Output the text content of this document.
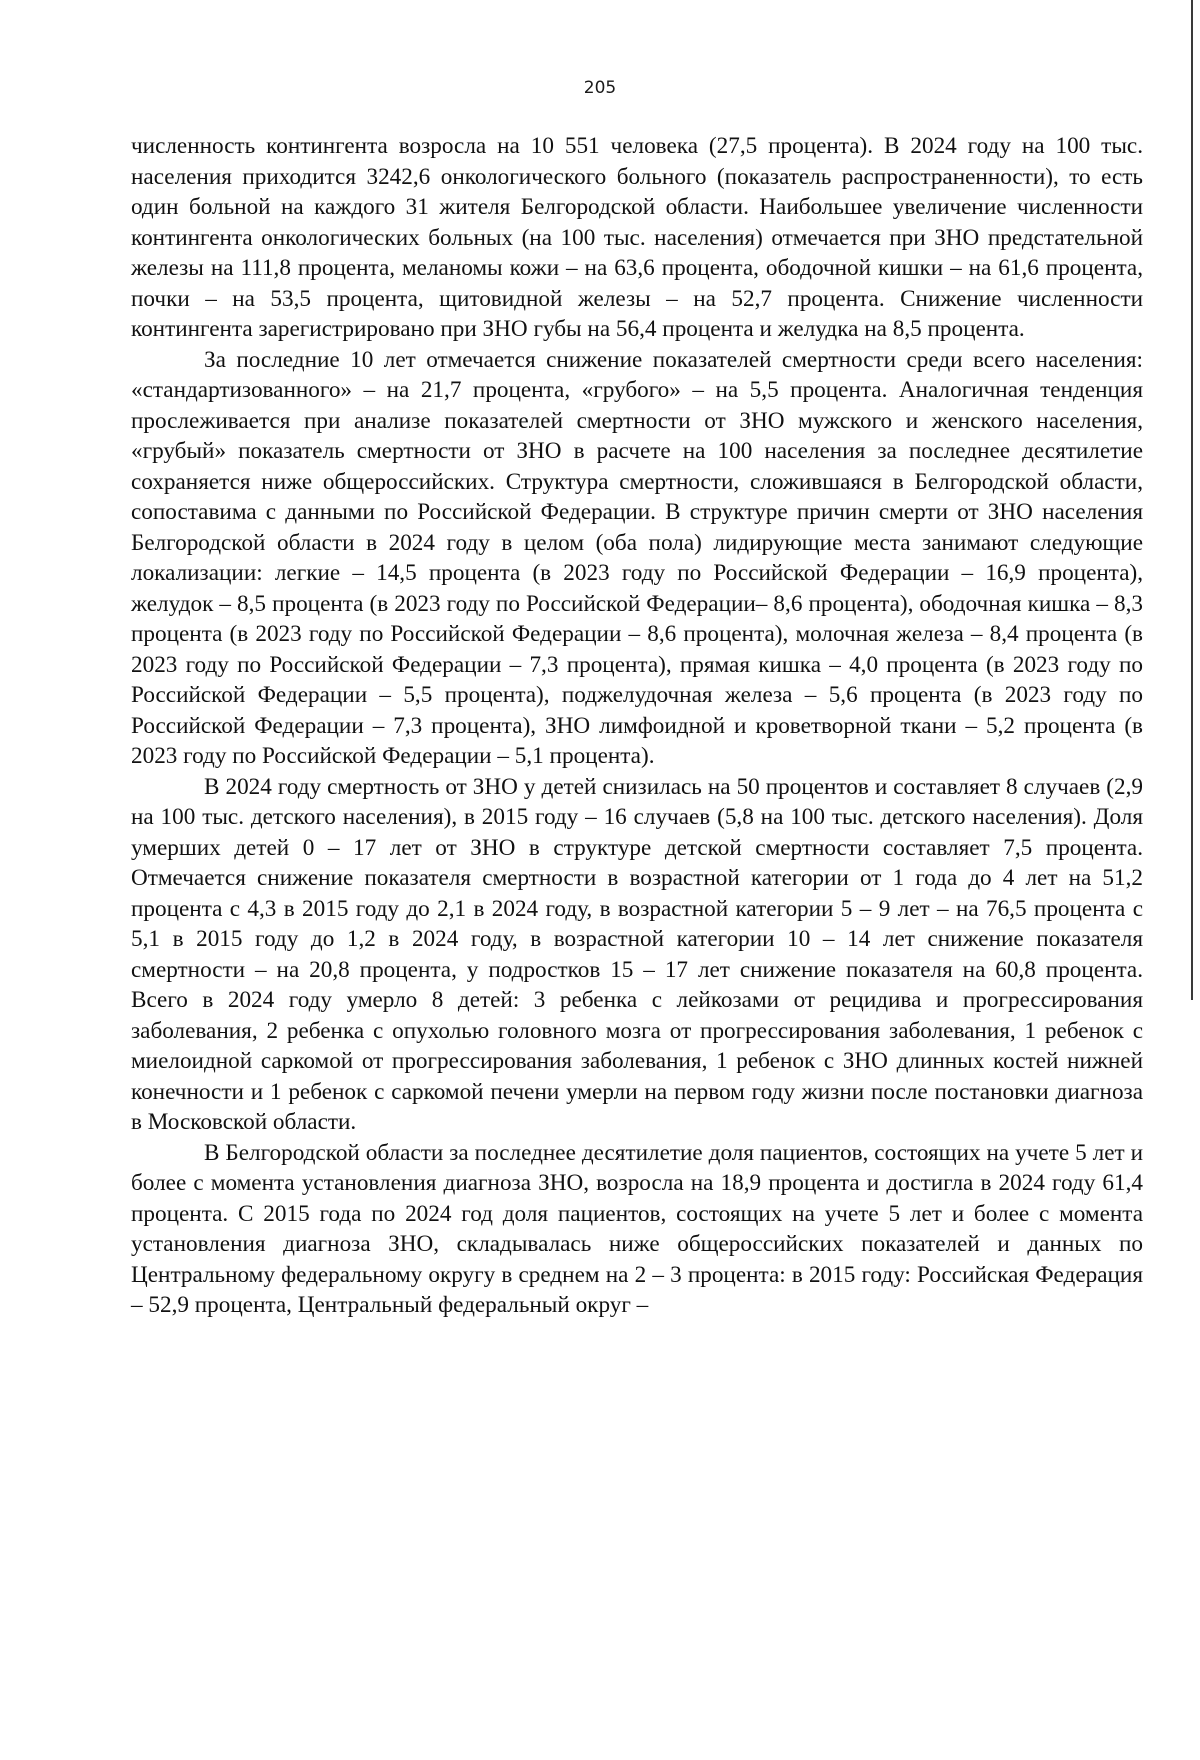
205

численность контингента возросла на 10 551 человека (27,5 процента). В 2024 году на 100 тыс. населения приходится 3242,6 онкологического больного (показатель распространенности), то есть один больной на каждого 31 жителя Белгородской области. Наибольшее увеличение численности контингента онкологических больных (на 100 тыс. населения) отмечается при ЗНО предстательной железы на 111,8 процента, меланомы кожи – на 63,6 процента, ободочной кишки – на 61,6 процента, почки – на 53,5 процента, щитовидной железы – на 52,7 процента. Снижение численности контингента зарегистрировано при ЗНО губы на 56,4 процента и желудка на 8,5 процента.

За последние 10 лет отмечается снижение показателей смертности среди всего населения: «стандартизованного» – на 21,7 процента, «грубого» – на 5,5 процента. Аналогичная тенденция прослеживается при анализе показателей смертности от ЗНО мужского и женского населения, «грубый» показатель смертности от ЗНО в расчете на 100 населения за последнее десятилетие сохраняется ниже общероссийских. Структура смертности, сложившаяся в Белгородской области, сопоставима с данными по Российской Федерации. В структуре причин смерти от ЗНО населения Белгородской области в 2024 году в целом (оба пола) лидирующие места занимают следующие локализации: легкие – 14,5 процента (в 2023 году по Российской Федерации – 16,9 процента), желудок – 8,5 процента (в 2023 году по Российской Федерации– 8,6 процента), ободочная кишка – 8,3 процента (в 2023 году по Российской Федерации – 8,6 процента), молочная железа – 8,4 процента (в 2023 году по Российской Федерации – 7,3 процента), прямая кишка – 4,0 процента (в 2023 году по Российской Федерации – 5,5 процента), поджелудочная железа – 5,6 процента (в 2023 году по Российской Федерации – 7,3 процента), ЗНО лимфоидной и кроветворной ткани – 5,2 процента (в 2023 году по Российской Федерации – 5,1 процента).

В 2024 году смертность от ЗНО у детей снизилась на 50 процентов и составляет 8 случаев (2,9 на 100 тыс. детского населения), в 2015 году – 16 случаев (5,8 на 100 тыс. детского населения). Доля умерших детей 0 – 17 лет от ЗНО в структуре детской смертности составляет 7,5 процента. Отмечается снижение показателя смертности в возрастной категории от 1 года до 4 лет на 51,2 процента с 4,3 в 2015 году до 2,1 в 2024 году, в возрастной категории 5 – 9 лет – на 76,5 процента с 5,1 в 2015 году до 1,2 в 2024 году, в возрастной категории 10 – 14 лет снижение показателя смертности – на 20,8 процента, у подростков 15 – 17 лет снижение показателя на 60,8 процента. Всего в 2024 году умерло 8 детей: 3 ребенка с лейкозами от рецидива и прогрессирования заболевания, 2 ребенка с опухолью головного мозга от прогрессирования заболевания, 1 ребенок с миелоидной саркомой от прогрессирования заболевания, 1 ребенок с ЗНО длинных костей нижней конечности и 1 ребенок с саркомой печени умерли на первом году жизни после постановки диагноза в Московской области.

В Белгородской области за последнее десятилетие доля пациентов, состоящих на учете 5 лет и более с момента установления диагноза ЗНО, возросла на 18,9 процента и достигла в 2024 году 61,4 процента. С 2015 года по 2024 год доля пациентов, состоящих на учете 5 лет и более с момента установления диагноза ЗНО, складывалась ниже общероссийских показателей и данных по Центральному федеральному округу в среднем на 2 – 3 процента: в 2015 году: Российская Федерация – 52,9 процента, Центральный федеральный округ –
